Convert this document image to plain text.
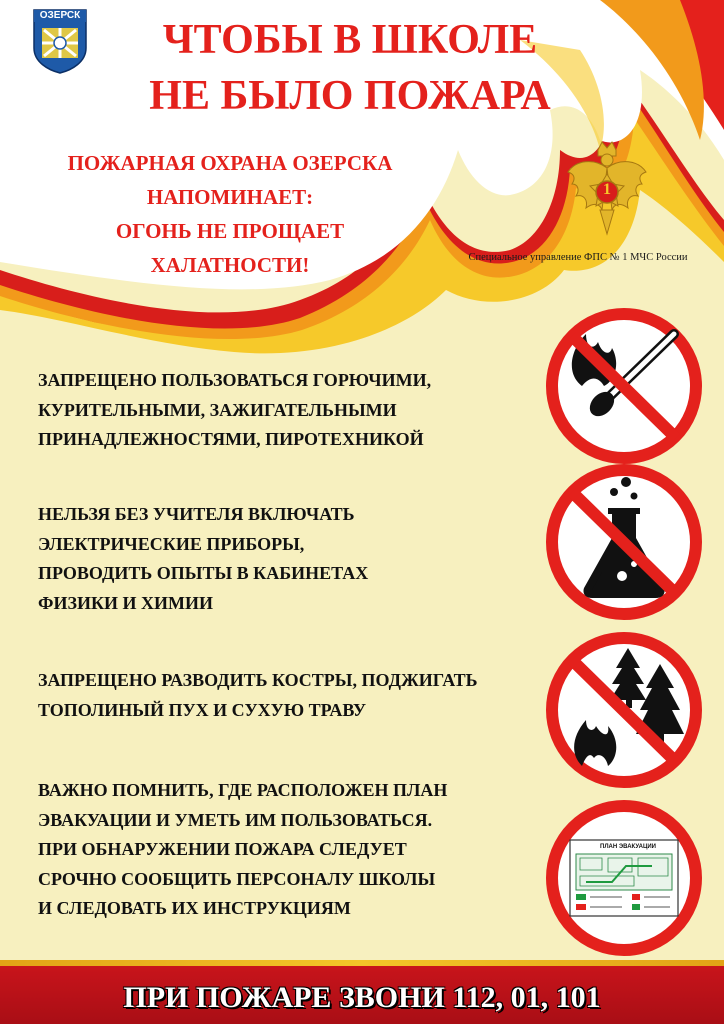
ОЗЕРСК
ЧТОБЫ В ШКОЛЕ
НЕ БЫЛО ПОЖАРА
ПОЖАРНАЯ ОХРАНА ОЗЕРСКА
НАПОМИНАЕТ:
ОГОНЬ НЕ ПРОЩАЕТ
ХАЛАТНОСТИ!
1
Специальное управление ФПС № 1 МЧС России
ЗАПРЕЩЕНО ПОЛЬЗОВАТЬСЯ ГОРЮЧИМИ,
КУРИТЕЛЬНЫМИ, ЗАЖИГАТЕЛЬНЫМИ
ПРИНАДЛЕЖНОСТЯМИ, ПИРОТЕХНИКОЙ
НЕЛЬЗЯ БЕЗ УЧИТЕЛЯ ВКЛЮЧАТЬ
ЭЛЕКТРИЧЕСКИЕ ПРИБОРЫ,
ПРОВОДИТЬ ОПЫТЫ В КАБИНЕТАХ
ФИЗИКИ И ХИМИИ
ЗАПРЕЩЕНО РАЗВОДИТЬ КОСТРЫ, ПОДЖИГАТЬ
ТОПОЛИНЫЙ ПУХ И СУХУЮ ТРАВУ
ВАЖНО ПОМНИТЬ, ГДЕ РАСПОЛОЖЕН ПЛАН
ЭВАКУАЦИИ И УМЕТЬ ИМ ПОЛЬЗОВАТЬСЯ.
ПРИ ОБНАРУЖЕНИИ ПОЖАРА СЛЕДУЕТ
СРОЧНО СООБЩИТЬ ПЕРСОНАЛУ ШКОЛЫ
И СЛЕДОВАТЬ ИХ ИНСТРУКЦИЯМ
ПЛАН ЭВАКУАЦИИ
ПРИ ПОЖАРЕ ЗВОНИ 112, 01, 101
